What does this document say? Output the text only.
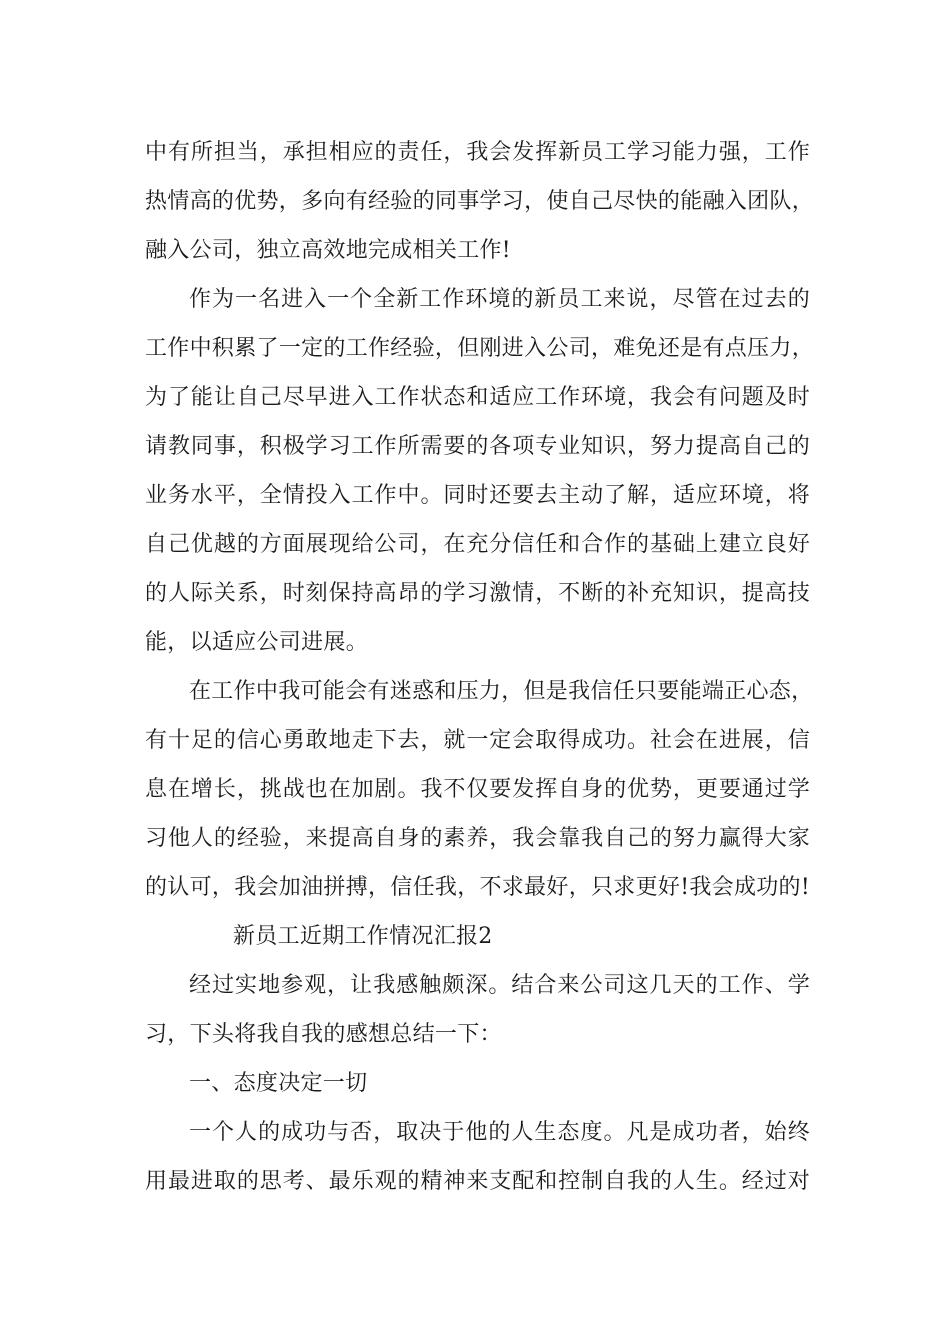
中有所担当，承担相应的责任，我会发挥新员工学习能力强，工作
热情高的优势，多向有经验的同事学习，使自己尽快的能融入团队，
融入公司，独立高效地完成相关工作!
作为一名进入一个全新工作环境的新员工来说，尽管在过去的
工作中积累了一定的工作经验，但刚进入公司，难免还是有点压力，
为了能让自己尽早进入工作状态和适应工作环境，我会有问题及时
请教同事，积极学习工作所需要的各项专业知识，努力提高自己的
业务水平，全情投入工作中。同时还要去主动了解，适应环境，将
自己优越的方面展现给公司，在充分信任和合作的基础上建立良好
的人际关系，时刻保持高昂的学习激情，不断的补充知识，提高技
能，以适应公司进展。
在工作中我可能会有迷惑和压力，但是我信任只要能端正心态，
有十足的信心勇敢地走下去，就一定会取得成功。社会在进展，信
息在增长，挑战也在加剧。我不仅要发挥自身的优势，更要通过学
习他人的经验，来提高自身的素养，我会靠我自己的努力赢得大家
的认可，我会加油拼搏，信任我，不求最好，只求更好!我会成功的!
新员工近期工作情况汇报2
经过实地参观，让我感触颇深。结合来公司这几天的工作、学
习，下头将我自我的感想总结一下：
一、态度决定一切
一个人的成功与否，取决于他的人生态度。凡是成功者，始终
用最进取的思考、最乐观的精神来支配和控制自我的人生。经过对
